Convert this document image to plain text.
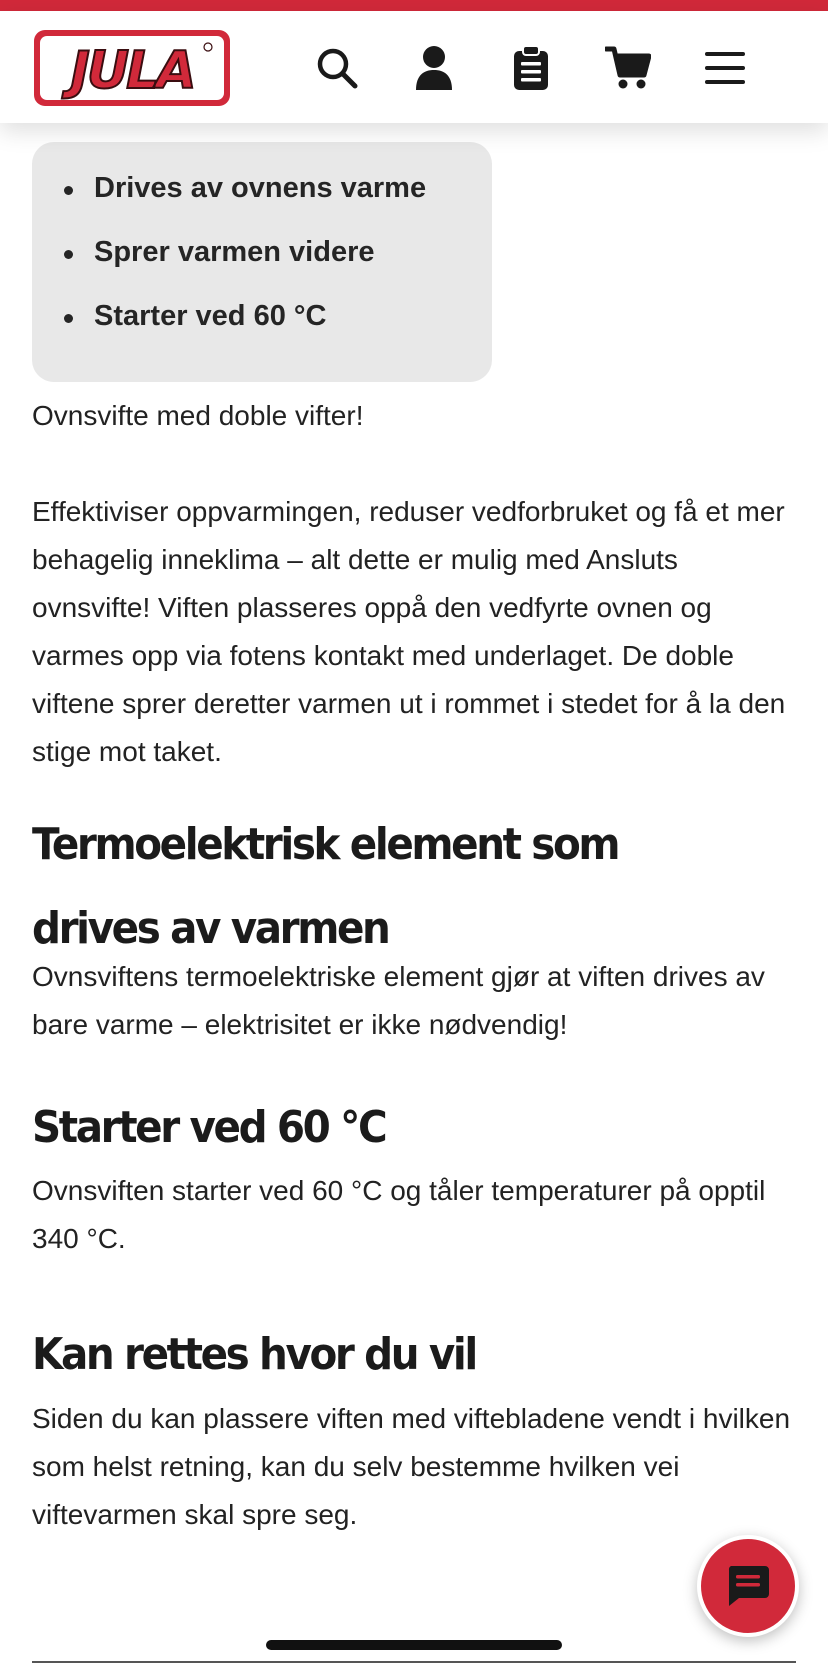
JULA
Drives av ovnens varme
Sprer varmen videre
Starter ved 60 °C

Ovnsvifte med doble vifter!

Effektiviser oppvarmingen, reduser vedforbruket og få et mer behagelig inneklima – alt dette er mulig med Ansluts ovnsvifte! Viften plasseres oppå den vedfyrte ovnen og varmes opp via fotens kontakt med underlaget. De doble viftene sprer deretter varmen ut i rommet i stedet for å la den stige mot taket.

Termoelektrisk element som drives av varmen

Ovnsviftens termoelektriske element gjør at viften drives av bare varme – elektrisitet er ikke nødvendig!

Starter ved 60 °C

Ovnsviften starter ved 60 °C og tåler temperaturer på opptil 340 °C.

Kan rettes hvor du vil

Siden du kan plassere viften med viftebladene vendt i hvilken som helst retning, kan du selv bestemme hvilken vei viftevarmen skal spre seg.
